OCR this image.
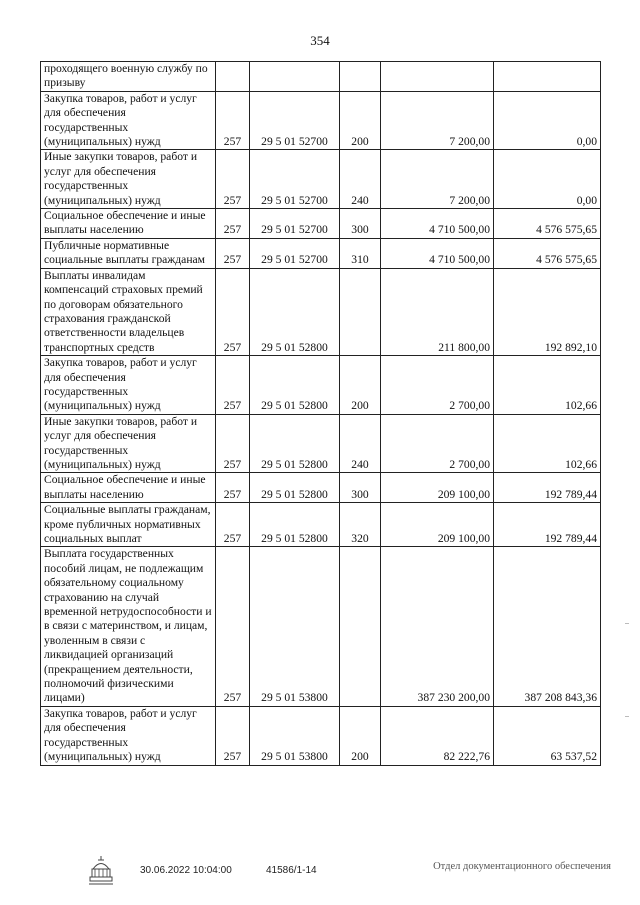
354
проходящего военную службу по призыву					
Закупка товаров, работ и услуг для обеспечения государственных (муниципальных) нужд	257	29 5 01 52700	200	7 200,00	0,00
Иные закупки товаров, работ и услуг для обеспечения государственных (муниципальных) нужд	257	29 5 01 52700	240	7 200,00	0,00
Социальное обеспечение и иные выплаты населению	257	29 5 01 52700	300	4 710 500,00	4 576 575,65
Публичные нормативные социальные выплаты гражданам	257	29 5 01 52700	310	4 710 500,00	4 576 575,65
Выплаты инвалидам компенсаций страховых премий по договорам обязательного страхования гражданской ответственности владельцев транспортных средств	257	29 5 01 52800		211 800,00	192 892,10
Закупка товаров, работ и услуг для обеспечения государственных (муниципальных) нужд	257	29 5 01 52800	200	2 700,00	102,66
Иные закупки товаров, работ и услуг для обеспечения государственных (муниципальных) нужд	257	29 5 01 52800	240	2 700,00	102,66
Социальное обеспечение и иные выплаты населению	257	29 5 01 52800	300	209 100,00	192 789,44
Социальные выплаты гражданам, кроме публичных нормативных социальных выплат	257	29 5 01 52800	320	209 100,00	192 789,44
Выплата государственных пособий лицам, не подлежащим обязательному социальному страхованию на случай временной нетрудоспособности и в связи с материнством, и лицам, уволенным в связи с ликвидацией организаций (прекращением деятельности, полномочий физическими лицами)	257	29 5 01 53800		387 230 200,00	387 208 843,36
Закупка товаров, работ и услуг для обеспечения государственных (муниципальных) нужд	257	29 5 01 53800	200	82 222,76	63 537,52
30.06.2022 10:04:00	41586/1-14	Отдел документационного обеспечения
